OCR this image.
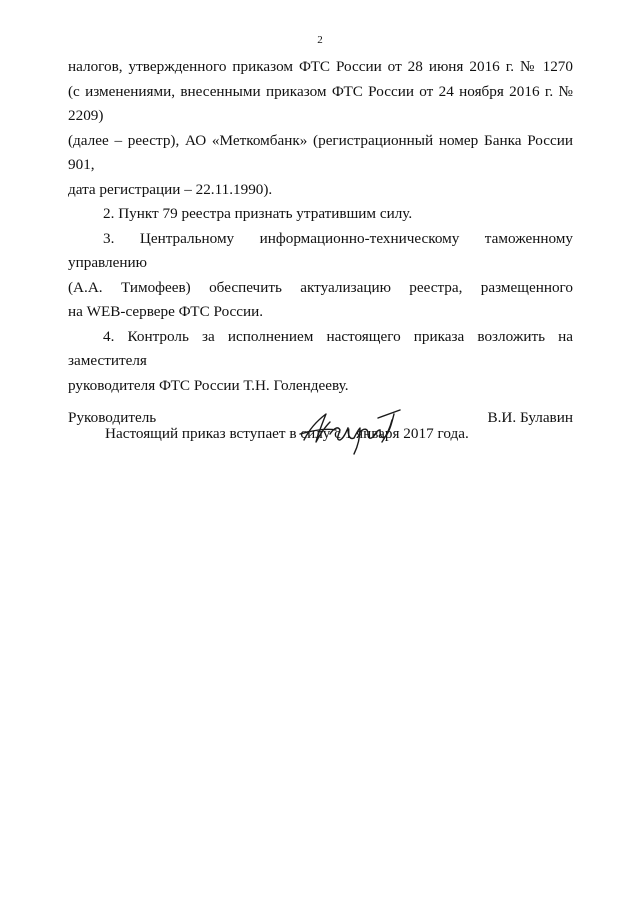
2

налогов, утвержденного приказом ФТС России от 28 июня 2016 г. № 1270
(с изменениями, внесенными приказом ФТС России от 24 ноября 2016 г. № 2209)
(далее – реестр), АО «Меткомбанк» (регистрационный номер Банка России 901,
дата регистрации – 22.11.1990).

2. Пункт 79 реестра признать утратившим силу.

3. Центральному информационно-техническому таможенному управлению
(А.А. Тимофеев) обеспечить актуализацию реестра, размещенного
на WEB-сервере ФТС России.

4. Контроль за исполнением настоящего приказа возложить на заместителя
руководителя ФТС России Т.Н. Голендееву.

Настоящий приказ вступает в силу с 1 января 2017 года.

Руководитель	В.И. Булавин
